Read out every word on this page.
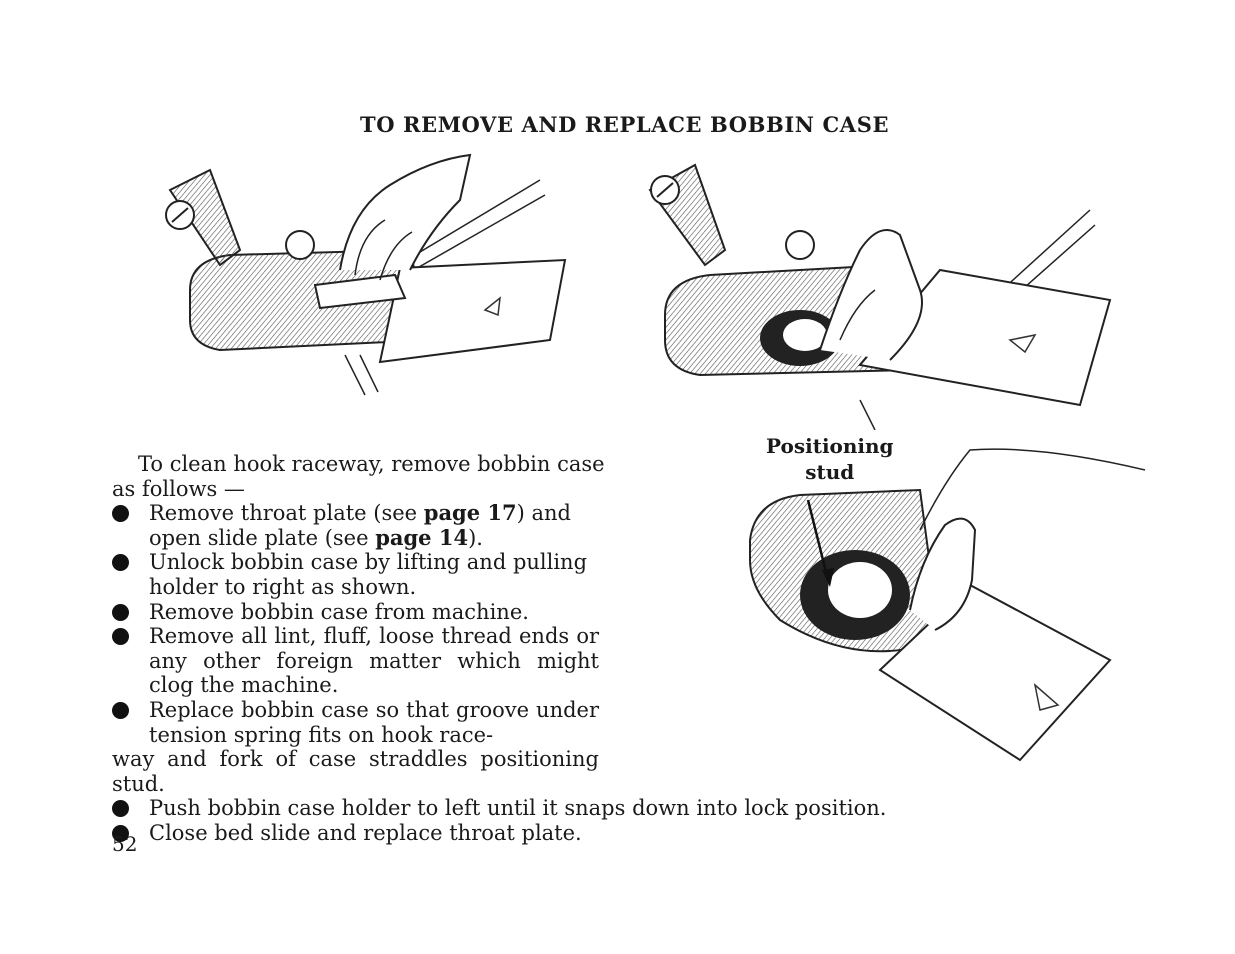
TO REMOVE AND REPLACE BOBBIN CASE
Positioning
stud

To clean hook raceway, remove bobbin case as follows —

Remove throat plate (see page 17) and open slide plate (see page 14).
Unlock bobbin case by lifting and pulling holder to right as shown.
Remove bobbin case from machine.
Remove all lint, fluff, loose thread ends or any other foreign matter which might clog the machine.
Replace bobbin case so that groove under tension spring fits on hook race-
way and fork of case straddles positioning stud.
Push bobbin case holder to left until it snaps down into lock position.
Close bed slide and replace throat plate.
52
